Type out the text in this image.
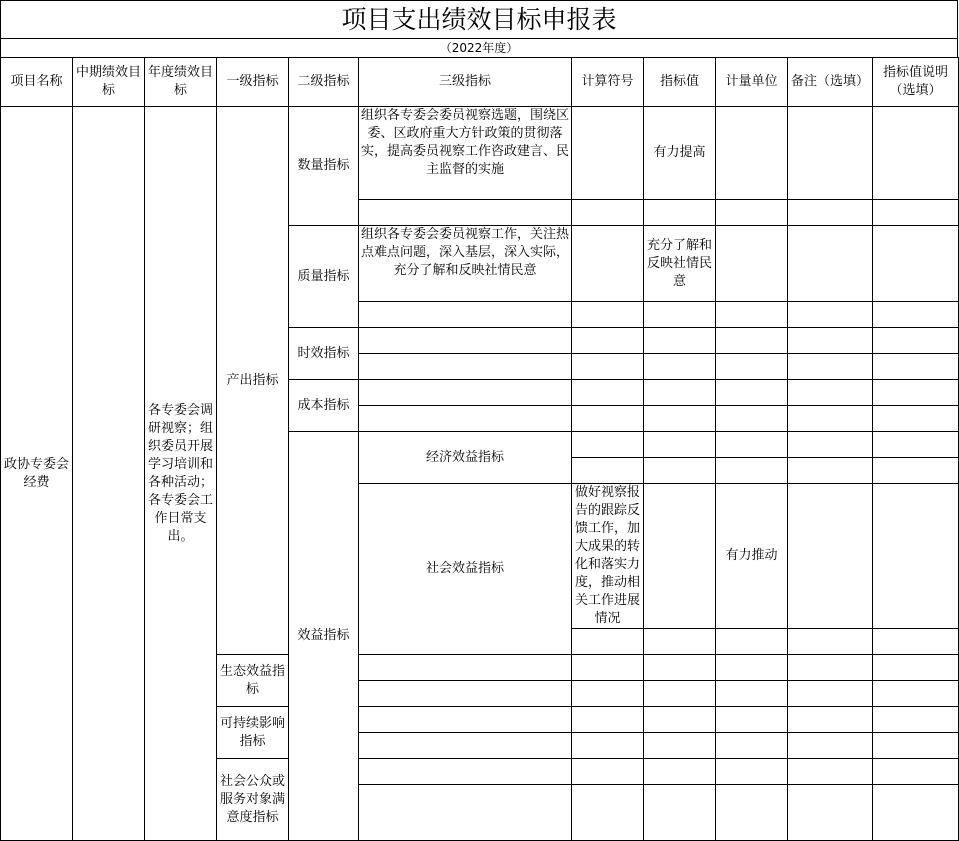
项目支出绩效目标申报表
（2022年度）
项目名称	中期绩效目标	年度绩效目标	一级指标	二级指标	三级指标	计算符号	指标值	计量单位	备注（选填）	指标值说明（选填）	
政协专委会经费		各专委会调研视察；组织委员开展学习培训和各种活动；各专委会工作日常支出。	产出指标	数量指标	组织各专委会委员视察选题，围绕区委、区政府重大方针政策的贯彻落实，提高委员视察工作咨政建言、民主监督的实施		有力提高				

				质量指标	组织各专委会委员视察工作，关注热点难点问题，深入基层，深入实际，充分了解和反映社情民意		充分了解和反映社情民意				

				时效指标							

				成本指标							

				效益指标	经济效益指标						

					社会效益指标	做好视察报告的跟踪反馈工作，加大成果的转化和落实力度，推动相关工作进展情况		有力推动			

			生态效益指标								

			可持续影响指标								

			社会公众或服务对象满意度指标								
